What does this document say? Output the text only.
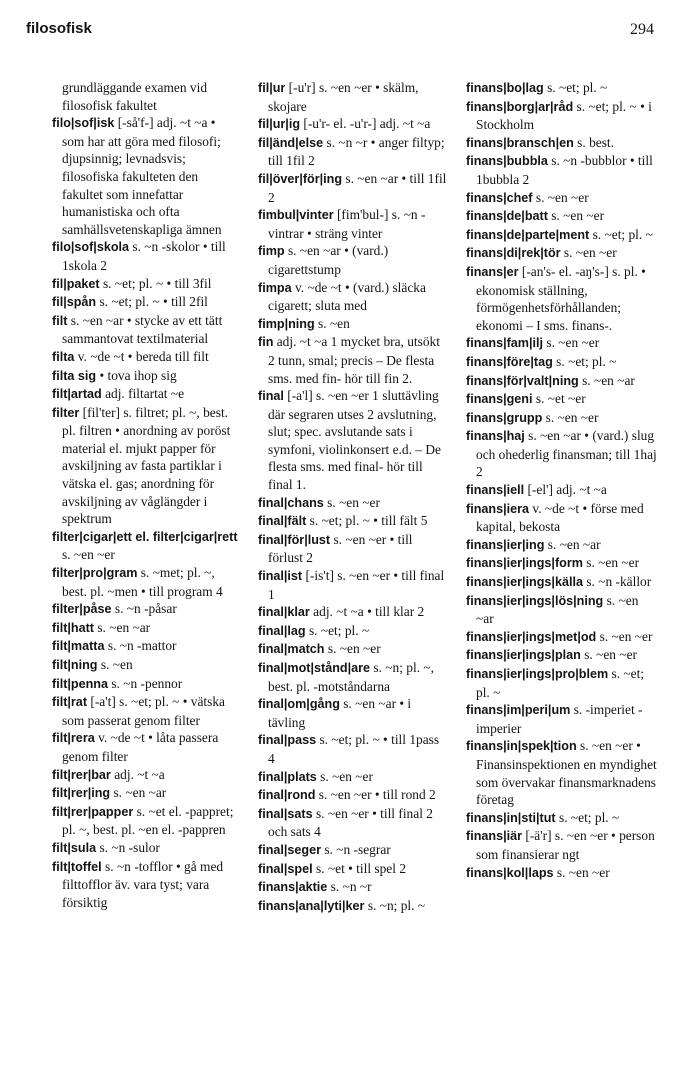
filosofisk	294

grundläggande examen vid filosofisk fakultet

filo|sof|isk [-så'f-] adj. ~t ~a • som har att göra med filosofi; djupsinnig; levnadsvis; filosofiska fakulteten den fakultet som innefattar humanistiska och ofta samhällsvetenskapliga ämnen

filo|sof|skola s. ~n -skolor • till 1skola 2

fil|paket s. ~et; pl. ~ • till 3fil

fil|spån s. ~et; pl. ~ • till 2fil

filt s. ~en ~ar • stycke av ett tätt sammantovat textilmaterial

filta v. ~de ~t • bereda till filt

filta sig • tova ihop sig

filt|artad adj. filtartat ~e

filter [fil'ter] s. filtret; pl. ~, best. pl. filtren • anordning av poröst material el. mjukt papper för avskiljning av fasta partiklar i vätska el. gas; anordning för avskiljning av våglängder i spektrum

filter|cigar|ett el. filter|cigar|rett s. ~en ~er

filter|pro|gram s. ~met; pl. ~, best. pl. ~men • till program 4

filter|påse s. ~n -påsar

filt|hatt s. ~en ~ar

filt|matta s. ~n -mattor

filt|ning s. ~en

filt|penna s. ~n -pennor

filt|rat [-a't] s. ~et; pl. ~ • vätska som passerat genom filter

filt|rera v. ~de ~t • låta passera genom filter

filt|rer|bar adj. ~t ~a

filt|rer|ing s. ~en ~ar

filt|rer|papper s. ~et el. -pappret; pl. ~, best. pl. ~en el. -pappren

filt|sula s. ~n -sulor

filt|toffel s. ~n -tofflor • gå med filttofflor äv. vara tyst; vara försiktig

fil|ur [-u'r] s. ~en ~er • skälm, skojare

fil|ur|ig [-u'r- el. -u'r-] adj. ~t ~a

fil|änd|else s. ~n ~r • anger filtyp; till 1fil 2

fil|över|för|ing s. ~en ~ar • till 1fil 2

fimbul|vinter [fim'bul-] s. ~n -vintrar • sträng vinter

fimp s. ~en ~ar • (vard.) cigarettstump

fimpa v. ~de ~t • (vard.) släcka cigarett; sluta med

fimp|ning s. ~en

fin adj. ~t ~a 1 mycket bra, utsökt 2 tunn, smal; precis – De flesta sms. med fin- hör till fin 2.

final [-a'l] s. ~en ~er 1 sluttävling där segraren utses 2 avslutning, slut; spec. avslutande sats i symfoni, violinkonsert e.d. – De flesta sms. med final- hör till final 1.

final|chans s. ~en ~er

final|fält s. ~et; pl. ~ • till fält 5

final|för|lust s. ~en ~er • till förlust 2

final|ist [-is't] s. ~en ~er • till final 1

final|klar adj. ~t ~a • till klar 2

final|lag s. ~et; pl. ~

final|match s. ~en ~er

final|mot|stånd|are s. ~n; pl. ~, best. pl. -motståndarna

final|om|gång s. ~en ~ar • i tävling

final|pass s. ~et; pl. ~ • till 1pass 4

final|plats s. ~en ~er

final|rond s. ~en ~er • till rond 2

final|sats s. ~en ~er • till final 2 och sats 4

final|seger s. ~n -segrar

final|spel s. ~et • till spel 2

finans|aktie s. ~n ~r

finans|ana|lyti|ker s. ~n; pl. ~

finans|bo|lag s. ~et; pl. ~

finans|borg|ar|råd s. ~et; pl. ~ • i Stockholm

finans|bransch|en s. best.

finans|bubbla s. ~n -bubblor • till 1bubbla 2

finans|chef s. ~en ~er

finans|de|batt s. ~en ~er

finans|de|parte|ment s. ~et; pl. ~

finans|di|rek|tör s. ~en ~er

finans|er [-an's- el. -aŋ's-] s. pl. • ekonomisk ställning, förmögenhetsförhållanden; ekonomi – I sms. finans-.

finans|fam|ilj s. ~en ~er

finans|före|tag s. ~et; pl. ~

finans|för|valt|ning s. ~en ~ar

finans|geni s. ~et ~er

finans|grupp s. ~en ~er

finans|haj s. ~en ~ar • (vard.) slug och ohederlig finansman; till 1haj 2

finans|iell [-el'] adj. ~t ~a

finans|iera v. ~de ~t • förse med kapital, bekosta

finans|ier|ing s. ~en ~ar

finans|ier|ings|form s. ~en ~er

finans|ier|ings|källa s. ~n -källor

finans|ier|ings|lös|ning s. ~en ~ar

finans|ier|ings|met|od s. ~en ~er

finans|ier|ings|plan s. ~en ~er

finans|ier|ings|pro|blem s. ~et; pl. ~

finans|im|peri|um s. -imperiet -imperier

finans|in|spek|tion s. ~en ~er • Finansinspektionen en myndighet som övervakar finansmarknadens företag

finans|in|sti|tut s. ~et; pl. ~

finans|iär [-ä'r] s. ~en ~er • person som finansierar ngt

finans|kol|laps s. ~en ~er
